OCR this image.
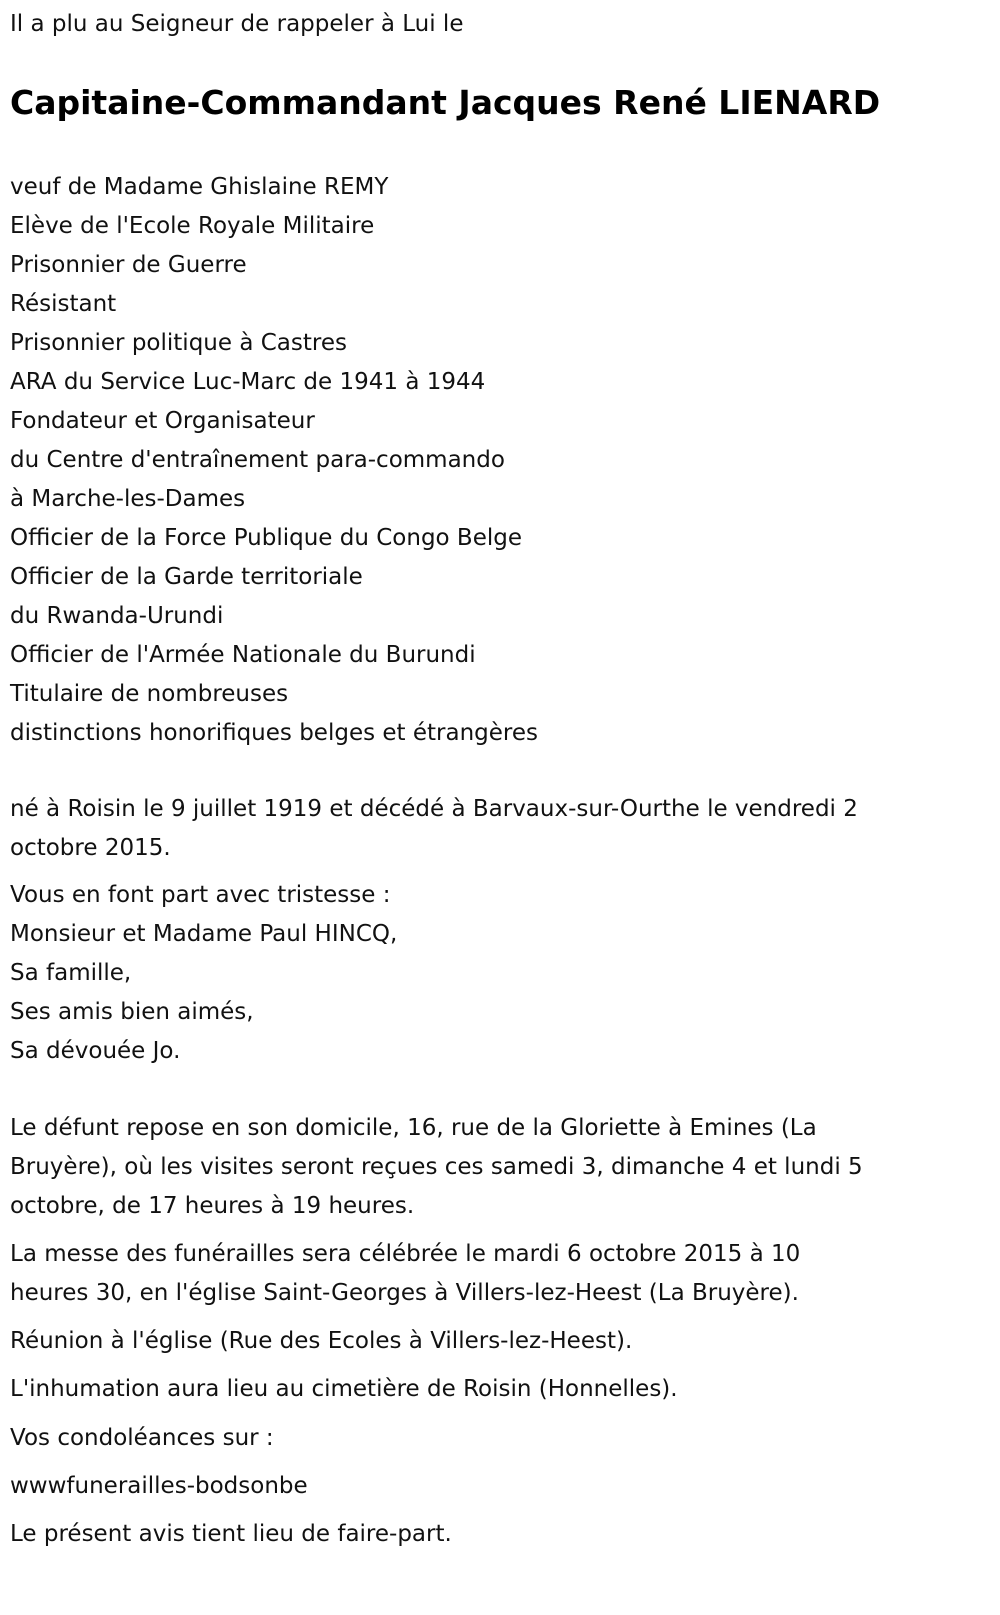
Il a plu au Seigneur de rappeler à Lui le
Capitaine-Commandant Jacques René LIENARD
veuf de Madame Ghislaine REMY
Elève de l'Ecole Royale Militaire
Prisonnier de Guerre
Résistant
Prisonnier politique à Castres
ARA du Service Luc-Marc de 1941 à 1944
Fondateur et Organisateur
du Centre d'entraînement para-commando
à Marche-les-Dames
Officier de la Force Publique du Congo Belge
Officier de la Garde territoriale
du Rwanda-Urundi
Officier de l'Armée Nationale du Burundi
Titulaire de nombreuses
distinctions honorifiques belges et étrangères
né à Roisin le 9 juillet 1919 et décédé à Barvaux-sur-Ourthe le vendredi 2
octobre 2015.
Vous en font part avec tristesse :
Monsieur et Madame Paul HINCQ,
Sa famille,
Ses amis bien aimés,
Sa dévouée Jo.
Le défunt repose en son domicile, 16, rue de la Gloriette à Emines (La
Bruyère), où les visites seront reçues ces samedi 3, dimanche 4 et lundi 5
octobre, de 17 heures à 19 heures.
La messe des funérailles sera célébrée le mardi 6 octobre 2015 à 10
heures 30, en l'église Saint-Georges à Villers-lez-Heest (La Bruyère).
Réunion à l'église (Rue des Ecoles à Villers-lez-Heest).
L'inhumation aura lieu au cimetière de Roisin (Honnelles).
Vos condoléances sur :
wwwfunerailles-bodsonbe
Le présent avis tient lieu de faire-part.
